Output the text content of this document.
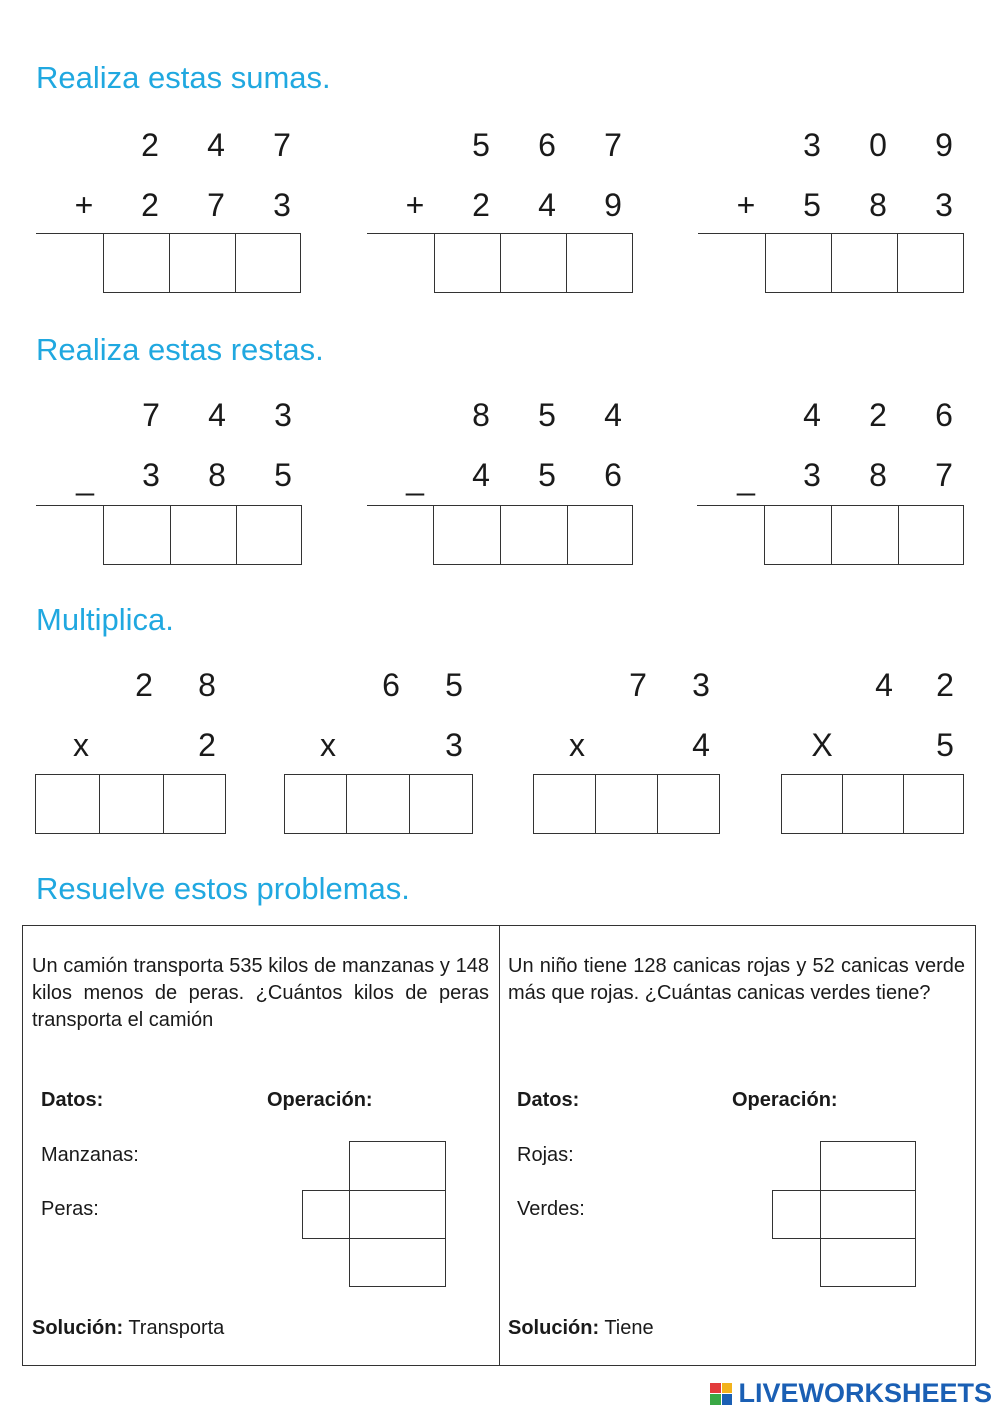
Realiza estas sumas.
2	4	7
+	2	7	3
5	6	7
+	2	4	9
3	0	9
+	5	8	3
Realiza estas restas.
7	4	3
_	3	8	5
8	5	4
_	4	5	6
4	2	6
_	3	8	7
Multiplica.
2	8
x	2
6	5
x	3
7	3
x	4
4	2
X	5
Resuelve estos problemas.
Un camión transporta 535 kilos de manzanas y 148 kilos menos de peras. ¿Cuántos kilos de peras transporta el camión
Datos:	Operación:
Manzanas:
Peras:
Solución: Transporta
Un niño tiene 128 canicas rojas y 52 canicas verde más que rojas. ¿Cuántas canicas verdes tiene?
Datos:	Operación:
Rojas:
Verdes:
Solución: Tiene
LIVEWORKSHEETS
